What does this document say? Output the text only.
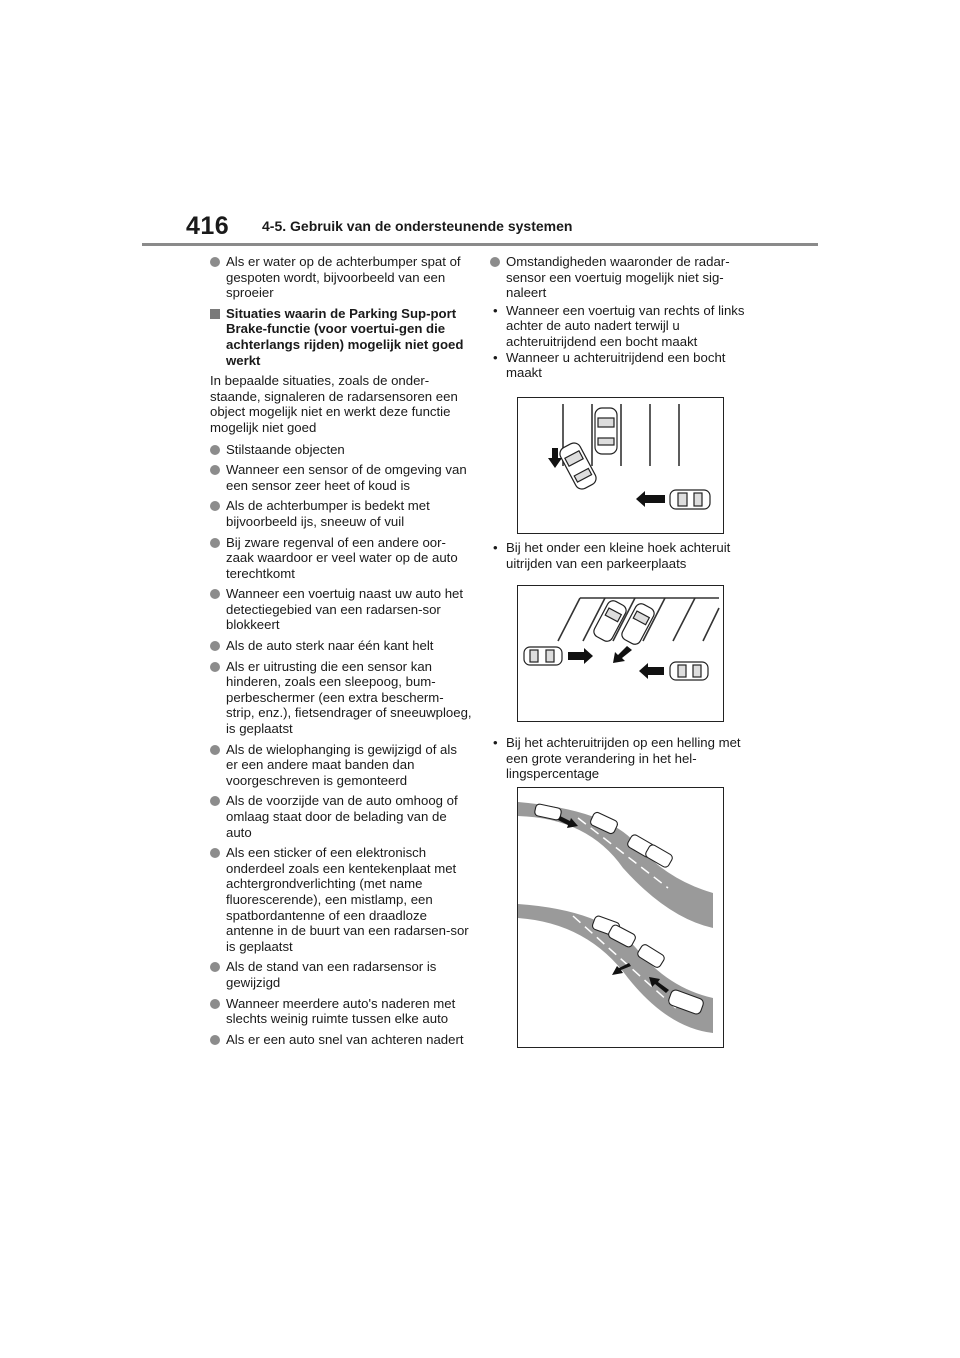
416 4-5. Gebruik van de ondersteunende systemen
Als er water op de achterbumper spat of gespoten wordt, bijvoorbeeld van een sproeier
Situaties waarin de Parking Sup-port Brake-functie (voor voertui-gen die achterlangs rijden) mogelijk niet goed werkt
In bepaalde situaties, zoals de onder-staande, signaleren de radarsensoren een object mogelijk niet en werkt deze functie mogelijk niet goed
Stilstaande objecten
Wanneer een sensor of de omgeving van een sensor zeer heet of koud is
Als de achterbumper is bedekt met bijvoorbeeld ijs, sneeuw of vuil
Bij zware regenval of een andere oor-zaak waardoor er veel water op de auto terechtkomt
Wanneer een voertuig naast uw auto het detectiegebied van een radarsen-sor blokkeert
Als de auto sterk naar één kant helt
Als er uitrusting die een sensor kan hinderen, zoals een sleepoog, bum-perbeschermer (een extra bescherm-strip, enz.), fietsendrager of sneeuwploeg, is geplaatst
Als de wielophanging is gewijzigd of als er een andere maat banden dan voorgeschreven is gemonteerd
Als de voorzijde van de auto omhoog of omlaag staat door de belading van de auto
Als een sticker of een elektronisch onderdeel zoals een kentekenplaat met achtergrondverlichting (met name fluorescerende), een mistlamp, een spatbordantenne of een draadloze antenne in de buurt van een radarsen-sor is geplaatst
Als de stand van een radarsensor is gewijzigd
Wanneer meerdere auto's naderen met slechts weinig ruimte tussen elke auto
Als er een auto snel van achteren nadert
Omstandigheden waaronder de radar-sensor een voertuig mogelijk niet sig-naleert
• Wanneer een voertuig van rechts of links achter de auto nadert terwijl u achteruitrijdend een bocht maakt
• Wanneer u achteruitrijdend een bocht maakt
• Bij het onder een kleine hoek achteruit uitrijden van een parkeerplaats
• Bij het achteruitrijden op een helling met een grote verandering in het hel-lingspercentage
